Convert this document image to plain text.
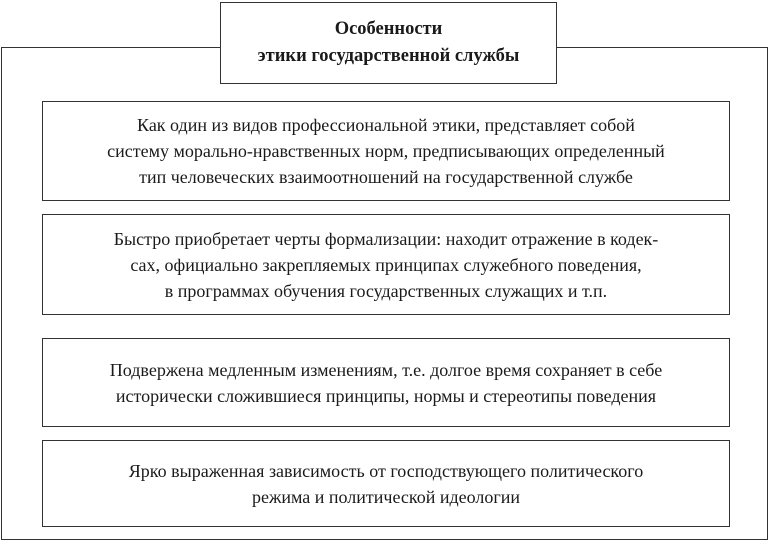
Особенности
этики государственной службы
Как один из видов профессиональной этики, представляет собой
систему морально-нравственных норм, предписывающих определенный
тип человеческих взаимоотношений на государственной службе
Быстро приобретает черты формализации: находит отражение в кодек-
сах, официально закрепляемых принципах служебного поведения,
в программах обучения государственных служащих и т.п.
Подвержена медленным изменениям, т.е. долгое время сохраняет в себе
исторически сложившиеся принципы, нормы и стереотипы поведения
Ярко выраженная зависимость от господствующего политического
режима и политической идеологии
